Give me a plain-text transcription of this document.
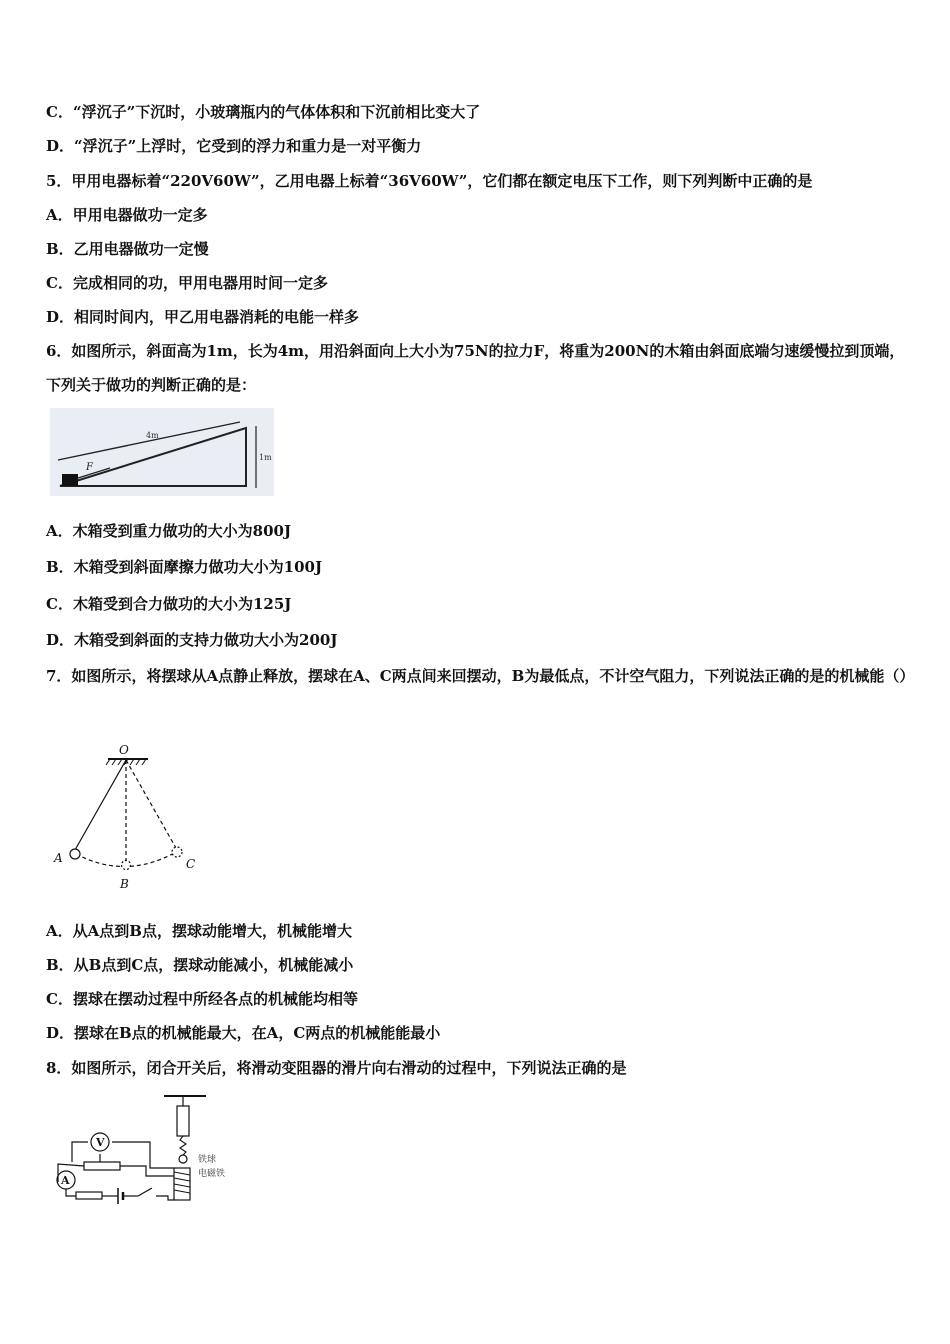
C．“浮沉子”下沉时，小玻璃瓶内的气体体积和下沉前相比变大了
D．“浮沉子”上浮时，它受到的浮力和重力是一对平衡力
5．甲用电器标着“220V60W”，乙用电器上标着“36V60W”，它们都在额定电压下工作，则下列判断中正确的是
A．甲用电器做功一定多
B．乙用电器做功一定慢
C．完成相同的功，甲用电器用时间一定多
D．相同时间内，甲乙用电器消耗的电能一样多
6．如图所示，斜面高为1m，长为4m，用沿斜面向上大小为75N的拉力F，将重为200N的木箱由斜面底端匀速缓慢拉到顶端，下列关于做功的判断正确的是：
4m
1m
F
A．木箱受到重力做功的大小为800J
B．木箱受到斜面摩擦力做功大小为100J
C．木箱受到合力做功的大小为125J
D．木箱受到斜面的支持力做功大小为200J
7．如图所示，将摆球从A点静止释放，摆球在A、C两点间来回摆动，B为最低点，不计空气阻力，下列说法正确的是的机械能（）
O
A
B
C
A．从A点到B点，摆球动能增大，机械能增大
B．从B点到C点，摆球动能减小，机械能减小
C．摆球在摆动过程中所经各点的机械能均相等
D．摆球在B点的机械能最大，在A，C两点的机械能能最小
8．如图所示，闭合开关后，将滑动变阻器的滑片向右滑动的过程中，下列说法正确的是
铁球
电磁铁
V
A
